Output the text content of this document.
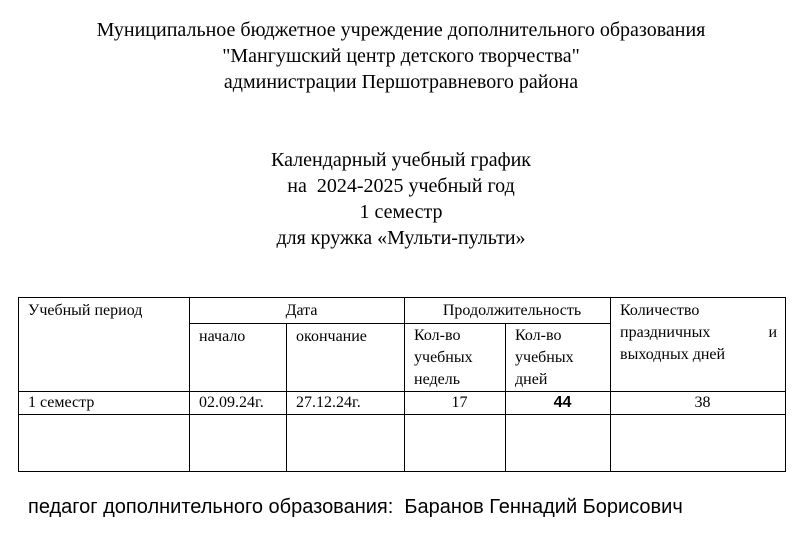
Муниципальное бюджетное учреждение дополнительного образования
"Мангушский центр детского творчества"
администрации Першотравневого района
Календарный учебный график
на  2024-2025 учебный год
1 семестр
для кружка «Мульти-пульти»
Учебный период	Дата		Продолжительность		Количество праздничных и выходных дней
	начало	окончание	Кол-во учебных недель	Кол-во учебных дней	
1 семестр	02.09.24г.	27.12.24г.	17	44	38

педагог дополнительного образования:  Баранов Геннадий Борисович
